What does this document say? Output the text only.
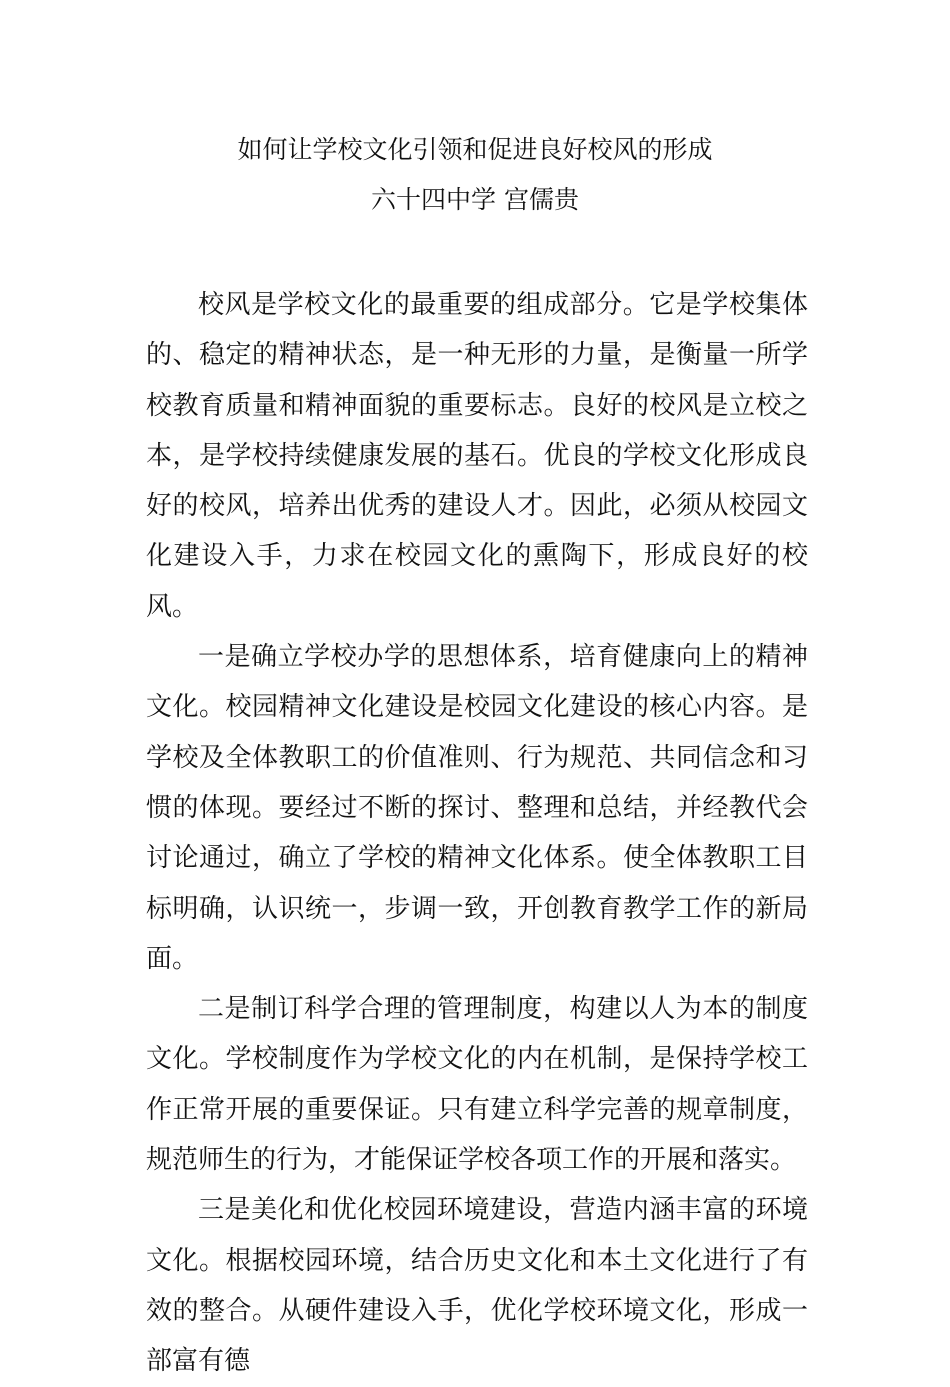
如何让学校文化引领和促进良好校风的形成
六十四中学 宫儒贵

校风是学校文化的最重要的组成部分。它是学校集体的、稳定的精神状态，是一种无形的力量，是衡量一所学校教育质量和精神面貌的重要标志。良好的校风是立校之本，是学校持续健康发展的基石。优良的学校文化形成良好的校风，培养出优秀的建设人才。因此，必须从校园文化建设入手，力求在校园文化的熏陶下，形成良好的校风。

一是确立学校办学的思想体系，培育健康向上的精神文化。校园精神文化建设是校园文化建设的核心内容。是学校及全体教职工的价值准则、行为规范、共同信念和习惯的体现。要经过不断的探讨、整理和总结，并经教代会讨论通过，确立了学校的精神文化体系。使全体教职工目标明确，认识统一，步调一致，开创教育教学工作的新局面。

二是制订科学合理的管理制度，构建以人为本的制度文化。学校制度作为学校文化的内在机制，是保持学校工作正常开展的重要保证。只有建立科学完善的规章制度，规范师生的行为，才能保证学校各项工作的开展和落实。

三是美化和优化校园环境建设，营造内涵丰富的环境文化。根据校园环境，结合历史文化和本土文化进行了有效的整合。从硬件建设入手，优化学校环境文化，形成一部富有德
